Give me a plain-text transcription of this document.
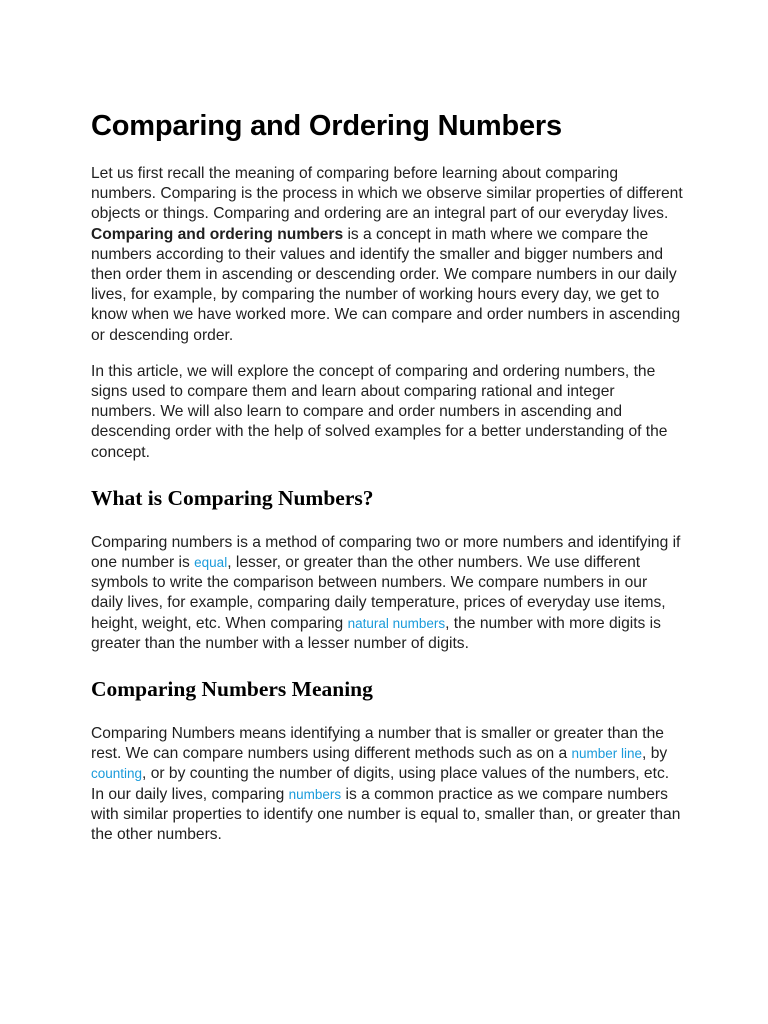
Comparing and Ordering Numbers

Let us first recall the meaning of comparing before learning about comparing numbers. Comparing is the process in which we observe similar properties of different objects or things. Comparing and ordering are an integral part of our everyday lives. Comparing and ordering numbers is a concept in math where we compare the numbers according to their values and identify the smaller and bigger numbers and then order them in ascending or descending order. We compare numbers in our daily lives, for example, by comparing the number of working hours every day, we get to know when we have worked more. We can compare and order numbers in ascending or descending order.

In this article, we will explore the concept of comparing and ordering numbers, the signs used to compare them and learn about comparing rational and integer numbers. We will also learn to compare and order numbers in ascending and descending order with the help of solved examples for a better understanding of the concept.

What is Comparing Numbers?

Comparing numbers is a method of comparing two or more numbers and identifying if one number is equal, lesser, or greater than the other numbers. We use different symbols to write the comparison between numbers. We compare numbers in our daily lives, for example, comparing daily temperature, prices of everyday use items, height, weight, etc. When comparing natural numbers, the number with more digits is greater than the number with a lesser number of digits.

Comparing Numbers Meaning

Comparing Numbers means identifying a number that is smaller or greater than the rest. We can compare numbers using different methods such as on a number line, by counting, or by counting the number of digits, using place values of the numbers, etc. In our daily lives, comparing numbers is a common practice as we compare numbers with similar properties to identify one number is equal to, smaller than, or greater than the other numbers.
